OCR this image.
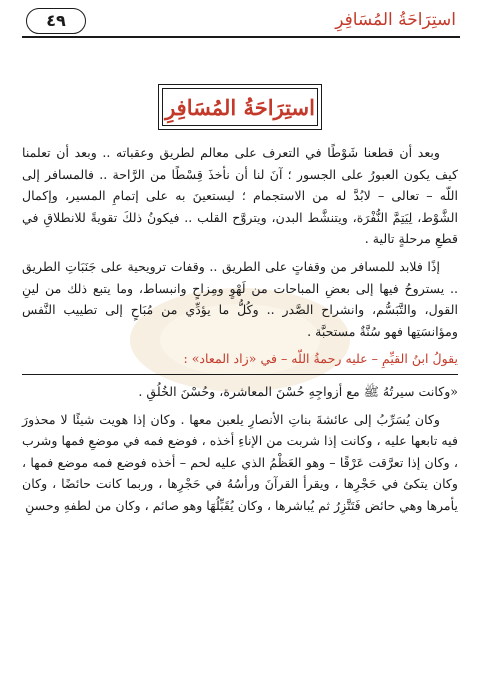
استِرَاحَةُ المُسَافِرِ
٤٩
استِرَاحَةُ المُسَافِرِ

وبعد أن قطعنا شَوْطًا في التعرف على معالم لطريق وعقباته .. وبعد أن تعلمنا كيف يكون العبورُ على الجسور ؛ آنَ لنا أن نأخذَ قِسْطًا من الرَّاحة .. فالمسافر إلى اللّه – تعالى – لابُدَّ له من الاستجمام ؛ ليستعينَ به على إتمامِ المسير، وإكمال الشَّوْط، لِيَتِمَّ النُّفْرَة، ويتنشَّط البدن، ويتروَّح القلب .. فيكونُ ذلكَ تقويةً للانطلاقِ في قطعِ مرحلةٍ تالية .

إذًا فلابد للمسافر من وقفاتٍ على الطريق .. وقفات ترويحية على جَنَبَاتِ الطريق .. يستروحُ فيها إلى بعضِ المباحات من لَهْوٍ ومِزاحٍ وانبساط، وما يتبع ذلك من لينِ القول، والتَّبَسُّم، وانشراح الصَّدر .. وكُلُّ ما يؤدِّي من مُبَاحٍ إلى تطييب النَّفس ومؤانسَتِها فهو سُنَّةٌ مستحبَّة .

يقولُ ابنُ القيِّمِ – عليه رحمةُ اللّه – في «زاد المعاد» :

«وكانت سيرتُهُ ﷺ مع أزواجِهِ حُسْنَ المعاشرة، وحُسْنَ الخُلُقِ .

وكان يُسَرِّبُ إلى عائشةَ بناتِ الأنصارِ يلعبن معها . وكان إذا هويت شيئًا لا محذورَ فيه تابعها عليه ، وكانت إذا شربت من الإناءِ أخذه ، فوضع فمه في موضعِ فمها وشرب ، وكان إذا تعرَّقت عَرْقًا – وهو العَظْمُ الذي عليه لحم – أخذه فوضع فمه موضع فمها ، وكان يتكئ في حَجْرِها ، ويقرأ القرآنَ ورأسُهُ في حَجْرِها ، وربما كانت حائضًا ، وكان يأمرها وهي حائض فَتَتَّزِرُ ثم يُباشرها ، وكان يُقَبِّلُهَا وهو صائم ، وكان من لطفهِ وحسنِ
